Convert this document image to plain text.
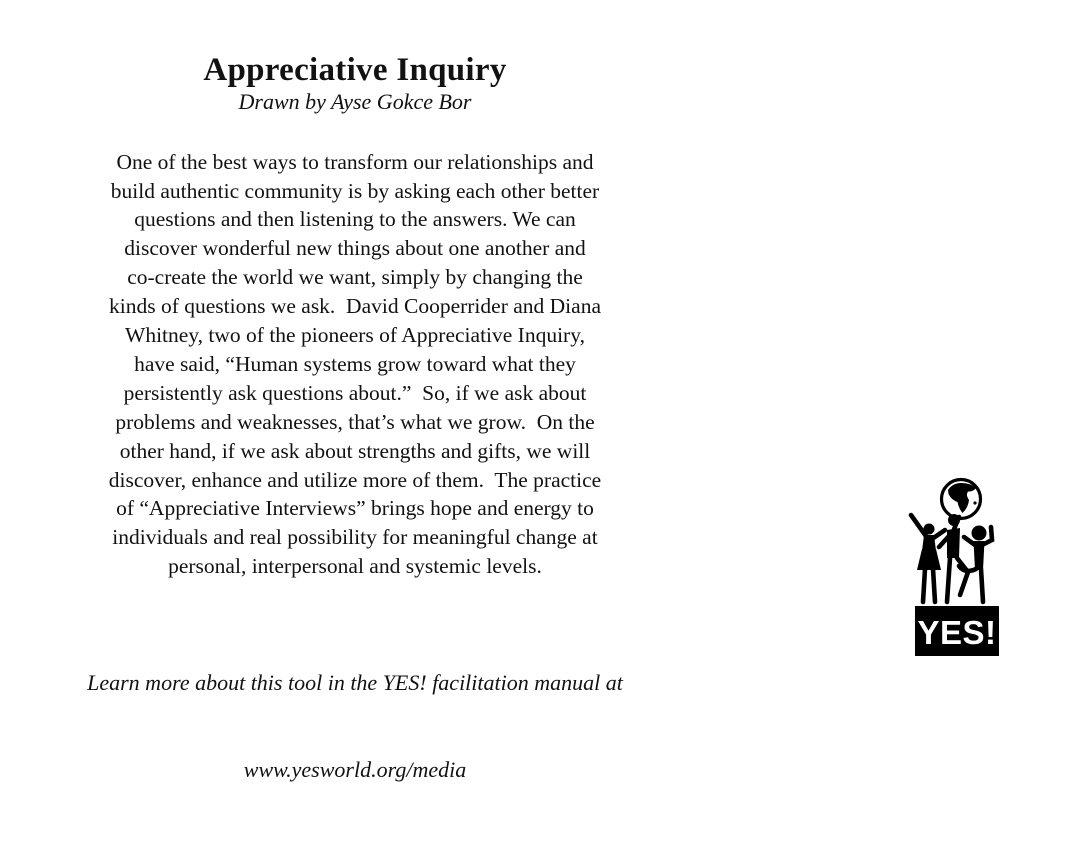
Appreciative Inquiry
Drawn by Ayse Gokce Bor
One of the best ways to transform our relationships and
build authentic community is by asking each other better
questions and then listening to the answers. We can
discover wonderful new things about one another and
co-create the world we want, simply by changing the
kinds of questions we ask.  David Cooperrider and Diana
Whitney, two of the pioneers of Appreciative Inquiry,
have said, “Human systems grow toward what they
persistently ask questions about.”  So, if we ask about
problems and weaknesses, that’s what we grow.  On the
other hand, if we ask about strengths and gifts, we will
discover, enhance and utilize more of them.  The practice
of “Appreciative Interviews” brings hope and energy to
individuals and real possibility for meaningful change at
personal, interpersonal and systemic levels.

Learn more about this tool in the YES! facilitation manual at

www.yesworld.org/media

YES!
